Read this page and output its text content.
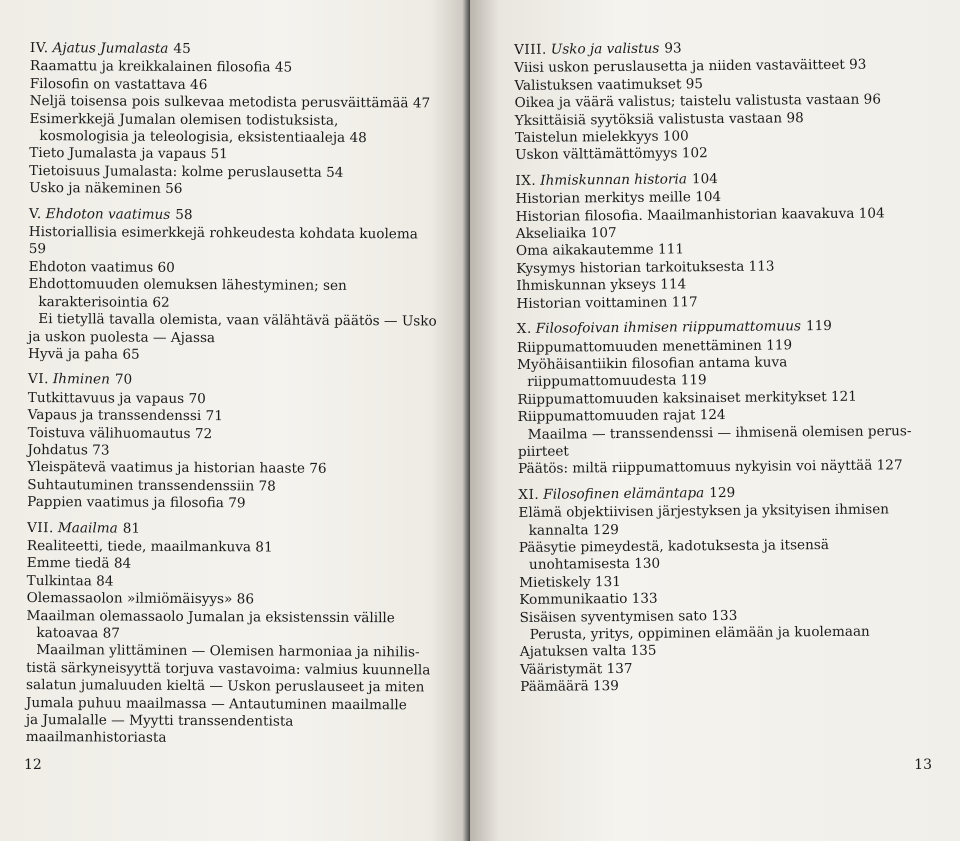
IV. Ajatus Jumalasta 45
Raamattu ja kreikkalainen filosofia 45
Filosofin on vastattava 46
Neljä toisensa pois sulkevaa metodista perusväittämää 47
Esimerkkejä Jumalan olemisen todistuksista,
kosmologisia ja teleologisia, eksistentiaaleja 48
Tieto Jumalasta ja vapaus 51
Tietoisuus Jumalasta: kolme peruslausetta 54
Usko ja näkeminen 56
V. Ehdoton vaatimus 58
Historiallisia esimerkkejä rohkeudesta kohdata kuolema 59
Ehdoton vaatimus 60
Ehdottomuuden olemuksen lähestyminen; sen
karakterisointia 62
Ei tietyllä tavalla olemista, vaan välähtävä päätös — Usko
ja uskon puolesta — Ajassa
Hyvä ja paha 65
VI. Ihminen 70
Tutkittavuus ja vapaus 70
Vapaus ja transsendenssi 71
Toistuva välihuomautus 72
Johdatus 73
Yleispätevä vaatimus ja historian haaste 76
Suhtautuminen transsendenssiin 78
Pappien vaatimus ja filosofia 79
VII. Maailma 81
Realiteetti, tiede, maailmankuva 81
Emme tiedä 84
Tulkintaa 84
Olemassaolon »ilmiömäisyys» 86
Maailman olemassaolo Jumalan ja eksistenssin välille
katoavaa 87
Maailman ylittäminen — Olemisen harmoniaa ja nihilis-
tistä särkyneisyyttä torjuva vastavoima: valmius kuunnella
salatun jumaluuden kieltä — Uskon peruslauseet ja miten
Jumala puhuu maailmassa — Antautuminen maailmalle
ja Jumalalle — Myytti transsendentista maailmanhistoriasta
12
VIII. Usko ja valistus 93
Viisi uskon peruslausetta ja niiden vastaväitteet 93
Valistuksen vaatimukset 95
Oikea ja väärä valistus; taistelu valistusta vastaan 96
Yksittäisiä syytöksiä valistusta vastaan 98
Taistelun mielekkyys 100
Uskon välttämättömyys 102
IX. Ihmiskunnan historia 104
Historian merkitys meille 104
Historian filosofia. Maailmanhistorian kaavakuva 104
Akseliaika 107
Oma aikakautemme 111
Kysymys historian tarkoituksesta 113
Ihmiskunnan ykseys 114
Historian voittaminen 117
X. Filosofoivan ihmisen riippumattomuus 119
Riippumattomuuden menettäminen 119
Myöhäisantiikin filosofian antama kuva
riippumattomuudesta 119
Riippumattomuuden kaksinaiset merkitykset 121
Riippumattomuuden rajat 124
Maailma — transsendenssi — ihmisenä olemisen perus-
piirteet
Päätös: miltä riippumattomuus nykyisin voi näyttää 127
XI. Filosofinen elämäntapa 129
Elämä objektiivisen järjestyksen ja yksityisen ihmisen
kannalta 129
Pääsytie pimeydestä, kadotuksesta ja itsensä
unohtamisesta 130
Mietiskely 131
Kommunikaatio 133
Sisäisen syventymisen sato 133
Perusta, yritys, oppiminen elämään ja kuolemaan
Ajatuksen valta 135
Vääristymät 137
Päämäärä 139
13
